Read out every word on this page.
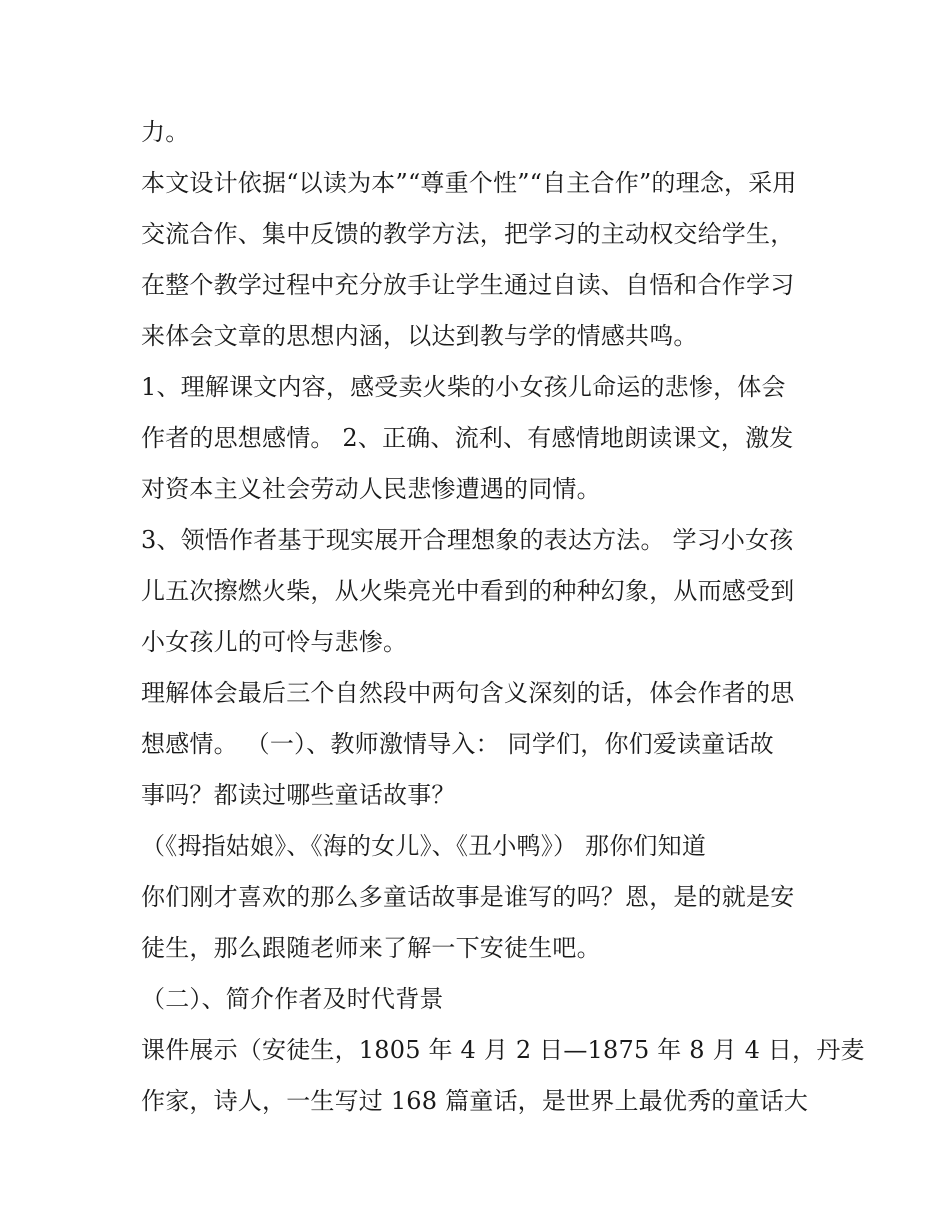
力。
本文设计依据“以读为本”“尊重个性”“自主合作”的理念，采用
交流合作、集中反馈的教学方法，把学习的主动权交给学生，
在整个教学过程中充分放手让学生通过自读、自悟和合作学习
来体会文章的思想内涵，以达到教与学的情感共鸣。
1、理解课文内容，感受卖火柴的小女孩儿命运的悲惨，体会
作者的思想感情。 2、正确、流利、有感情地朗读课文，激发
对资本主义社会劳动人民悲惨遭遇的同情。
3、领悟作者基于现实展开合理想象的表达方法。 学习小女孩
儿五次擦燃火柴，从火柴亮光中看到的种种幻象，从而感受到
小女孩儿的可怜与悲惨。
理解体会最后三个自然段中两句含义深刻的话，体会作者的思
想感情。 （一）、教师激情导入： 同学们，你们爱读童话故
事吗？都读过哪些童话故事？
（《拇指姑娘》、《海的女儿》、《丑小鸭》） 那你们知道
你们刚才喜欢的那么多童话故事是谁写的吗？恩，是的就是安
徒生，那么跟随老师来了解一下安徒生吧。
（二）、简介作者及时代背景
课件展示（安徒生，1805 年 4 月 2 日—1875 年 8 月 4 日，丹麦
作家，诗人，一生写过 168 篇童话，是世界上最优秀的童话大
